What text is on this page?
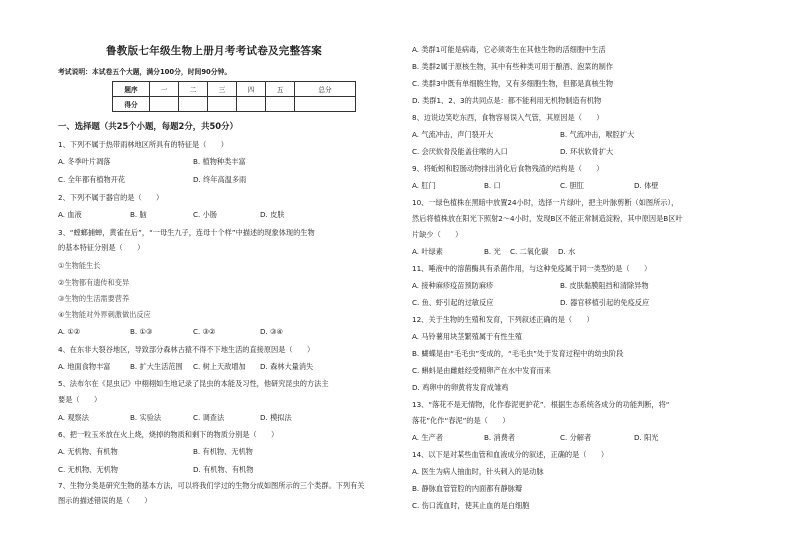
鲁教版七年级生物上册月考考试卷及完整答案
考试说明：本试卷五个大题，满分100分，时间90分钟。
题序	一	二	三	四	五	总分
得分						
一、选择题（共25个小题，每题2分，共50分）
1、下列不属于热带雨林地区所具有的特征是（　　）
A. 冬季叶片凋落	B. 植物种类丰富
C. 全年都有植物开花	D. 终年高温多雨
2、下列不属于器官的是（　　）
A. 血液	B. 脑	C. 小肠	D. 皮肤
3、“螳螂捕蝉，黄雀在后”，“一母生九子，连母十个样”中描述的现象体现的生物
的基本特征分别是（　　）
①生物能生长
②生物都有遗传和变异
③生物的生活需要营养
④生物能对外界刺激做出反应
A. ①②	B. ①③	C. ③②	D. ③④
4、在东非大裂谷地区，导致部分森林古猿不得不下地生活的直接原因是（　　）
A. 地面食物丰富	B. 扩大生活范围 C. 树上天敌增加 D. 森林大量消失
5、法布尔在《昆虫记》中栩栩如生地记录了昆虫的本能及习性，他研究昆虫的方法主
要是（　　）
A. 观察法	B. 实验法	C. 调查法	D. 模拟法
6、把一粒玉米放在火上烧，烧掉的物质和剩下的物质分别是（　　）
A. 无机物、有机物	B. 有机物、无机物
C. 无机物、无机物	D. 有机物、有机物
7、生物分类是研究生物的基本方法，可以将我们学过的生物分成如图所示的三个类群。下列有关
图示的描述错误的是（　　）
A. 类群1可能是病毒，它必须寄生在其他生物的活细胞中生活
B. 类群2属于原核生物，其中有些种类可用于酿酒、泡菜的制作
C. 类群3中既有单细胞生物，又有多细胞生物，但都是真核生物
D. 类群1、2、3的共同点是：都不能利用无机物制造有机物
8、边说边笑吃东西，食物容易误入气管，其原因是（　　）
A. 气流冲击，声门裂开大	B. 气流冲击，喉腔扩大
C. 会厌软骨没能盖住喉的入口	D. 环状软骨扩大
9、将蚯蚓和腔肠动物排出消化后食物残渣的结构是（　　）
A. 肛门	B. 口	C. 胆肛	D. 体壁
10、一绿色植株在黑暗中放置24小时，选择一片绿叶，把主叶脉剪断（如图所示），
然后将植株放在阳光下照射2～4小时，发现B区不能正常制造淀粉，其中原因是B区叶
片缺少（　　）
A. 叶绿素	B. 光 C. 二氧化碳 D. 水
11、唾液中的溶菌酶具有杀菌作用，与这种免疫属于同一类型的是（　　）
A. 接种麻疹疫苗预防麻疹	B. 皮肤黏膜阻挡和清除异物
C. 鱼、虾引起的过敏反应	D. 器官移植引起的免疫反应
12、关于生物的生殖和发育，下列叙述正确的是（　　）
A. 马铃薯用块茎繁殖属于有性生殖
B. 蝴蝶是由“毛毛虫”变成的，“毛毛虫”处于发育过程中的幼虫阶段
C. 蝌蚪是由雌蛙经受精卵产在水中发育而来
D. 鸡卵中的卵黄将发育成雏鸡
13、“落花不是无情物，化作春泥更护花”．根据生态系统各成分的功能判断，将“
落花”化作“春泥”的是（　　）
A. 生产者	B. 消费者	C. 分解者	D. 阳光
14、以下是对某些血管和血液成分的叙述，正确的是（　　）
A. 医生为病人抽血时，针头刺入的是动脉
B. 静脉血管管腔的内面都有静脉瓣
C. 伤口流血时，使其止血的是白细胞
